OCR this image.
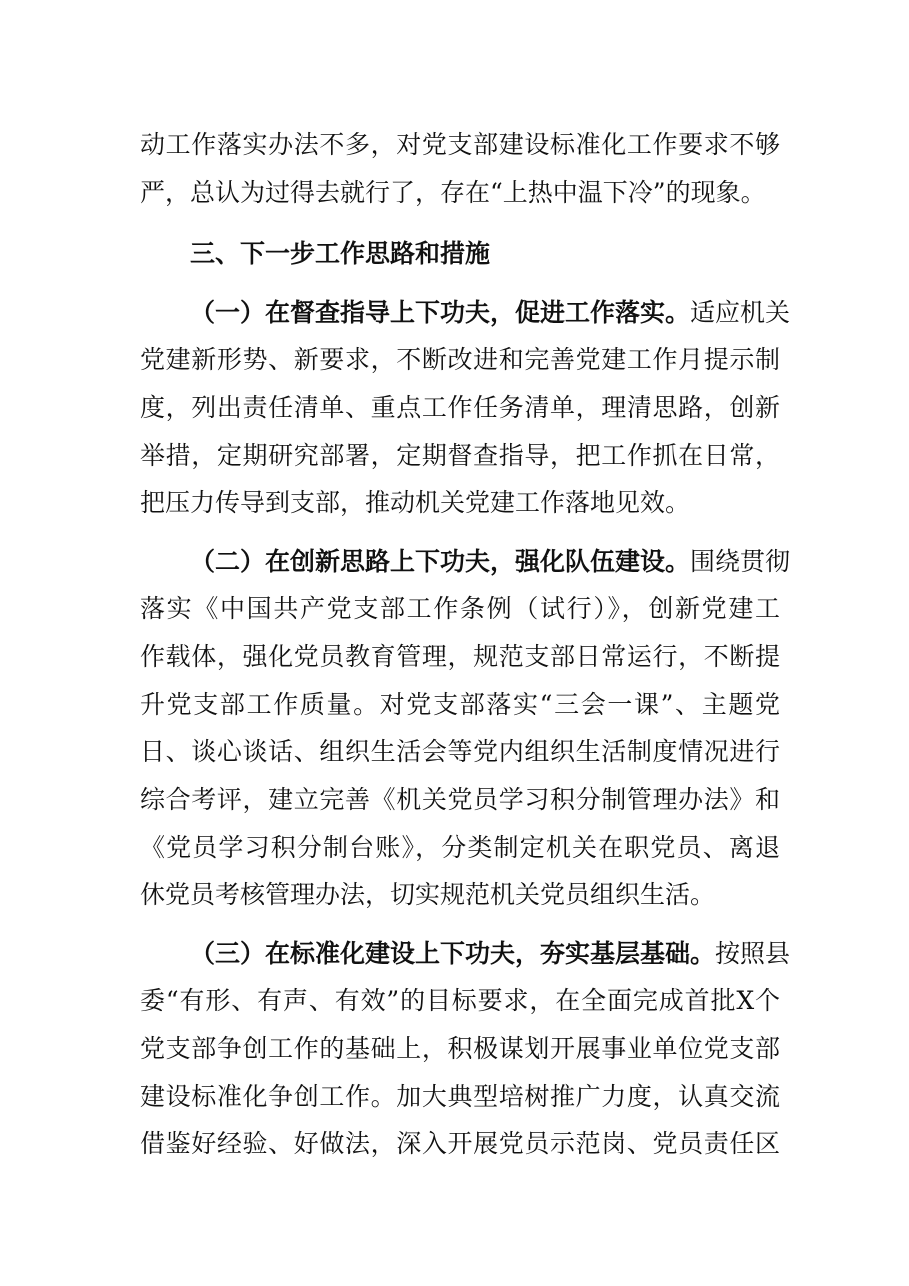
动工作落实办法不多，对党支部建设标准化工作要求不够
严，总认为过得去就行了，存在“上热中温下冷”的现象。
三、下一步工作思路和措施
（一）在督查指导上下功夫，促进工作落实。适应机关
党建新形势、新要求，不断改进和完善党建工作月提示制
度，列出责任清单、重点工作任务清单，理清思路，创新
举措，定期研究部署，定期督查指导，把工作抓在日常，
把压力传导到支部，推动机关党建工作落地见效。
（二）在创新思路上下功夫，强化队伍建设。围绕贯彻
落实《中国共产党支部工作条例（试行）》，创新党建工
作载体，强化党员教育管理，规范支部日常运行，不断提
升党支部工作质量。对党支部落实“三会一课”、主题党
日、谈心谈话、组织生活会等党内组织生活制度情况进行
综合考评，建立完善《机关党员学习积分制管理办法》和
《党员学习积分制台账》，分类制定机关在职党员、离退
休党员考核管理办法，切实规范机关党员组织生活。
（三）在标准化建设上下功夫，夯实基层基础。按照县
委“有形、有声、有效”的目标要求，在全面完成首批X个
党支部争创工作的基础上，积极谋划开展事业单位党支部
建设标准化争创工作。加大典型培树推广力度，认真交流
借鉴好经验、好做法，深入开展党员示范岗、党员责任区
